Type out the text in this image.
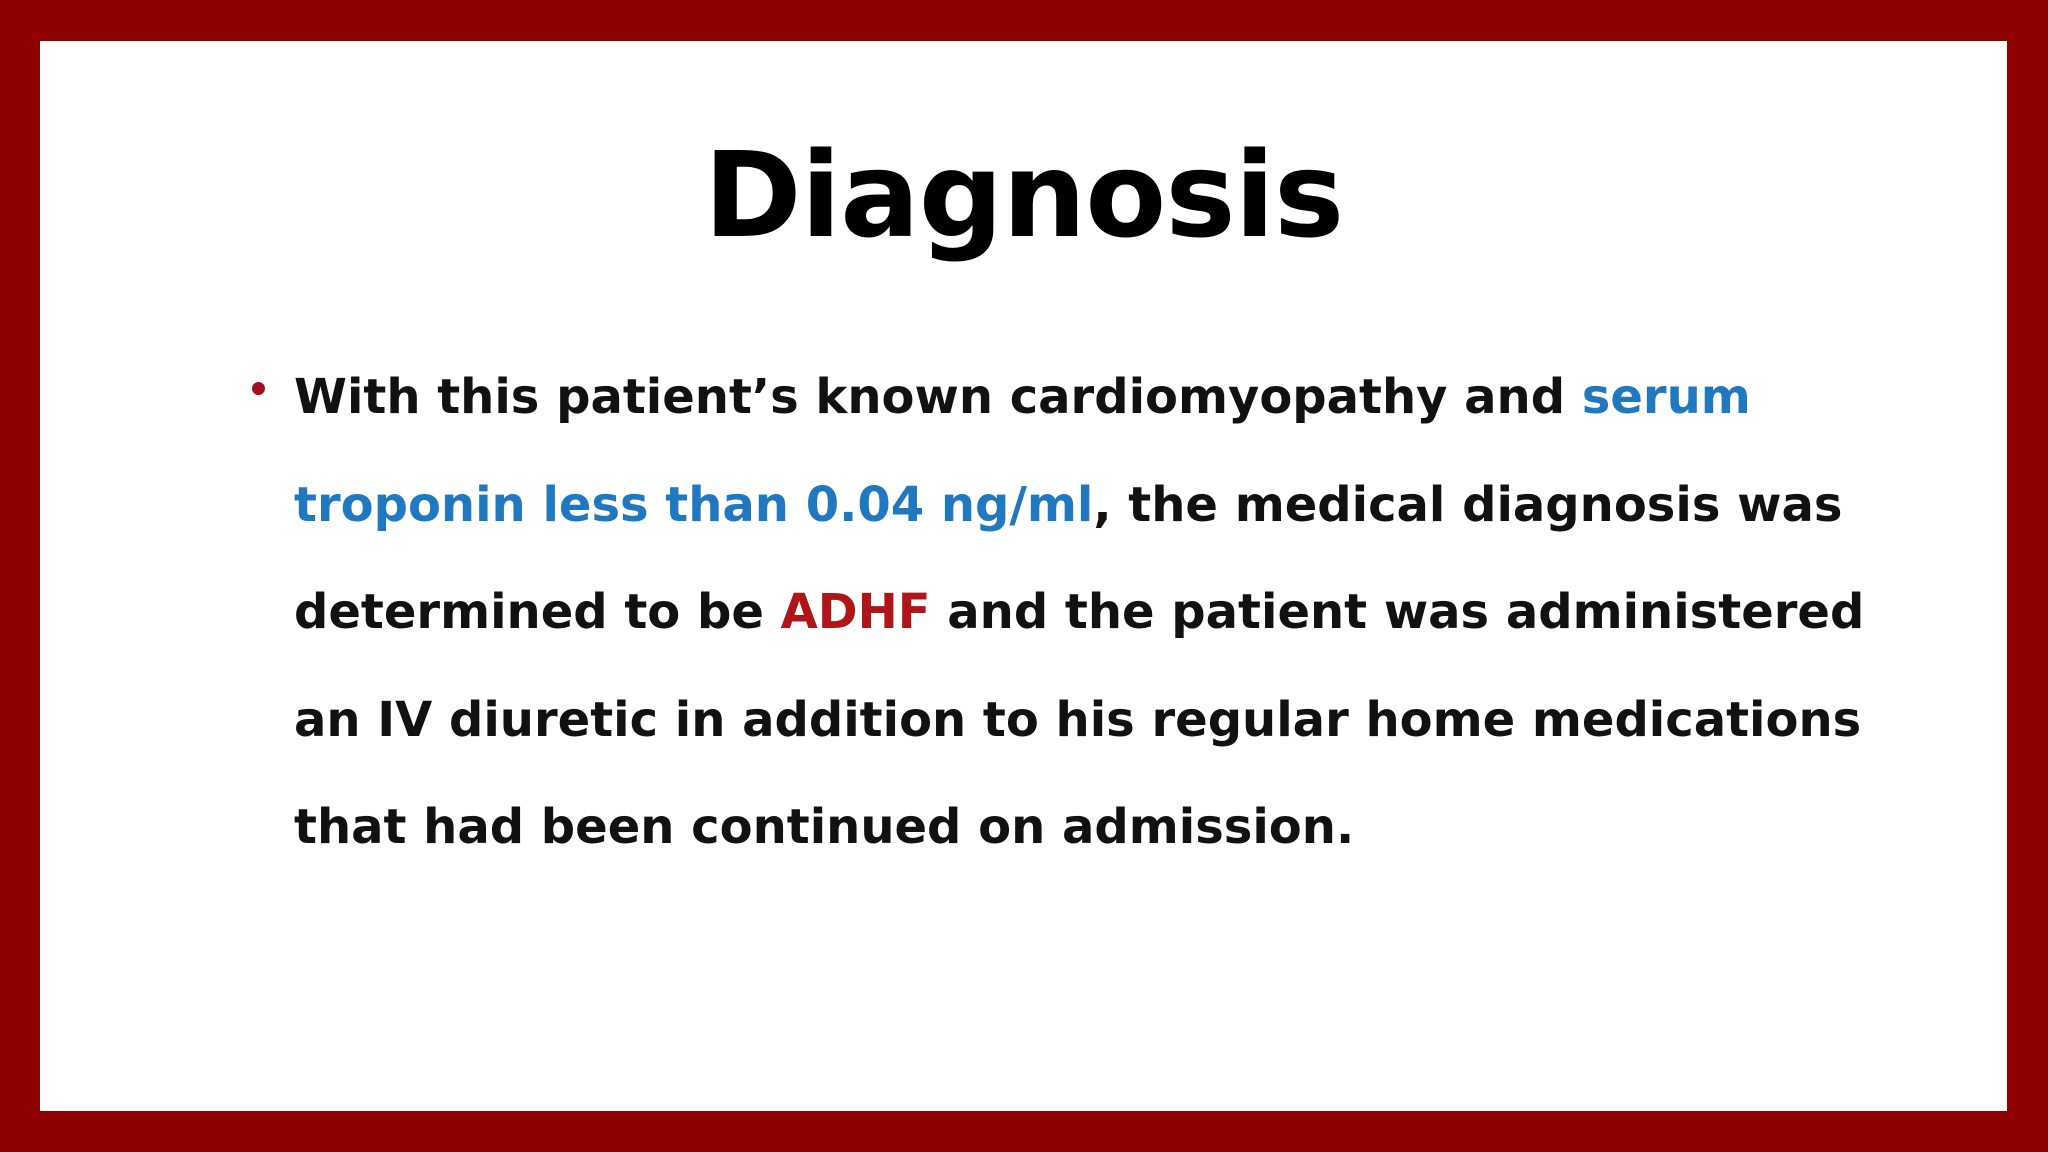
Diagnosis

With this patient’s known cardiomyopathy and serum troponin less than 0.04 ng/ml, the medical diagnosis was determined to be ADHF and the patient was administered an IV diuretic in addition to his regular home medications that had been continued on admission.
